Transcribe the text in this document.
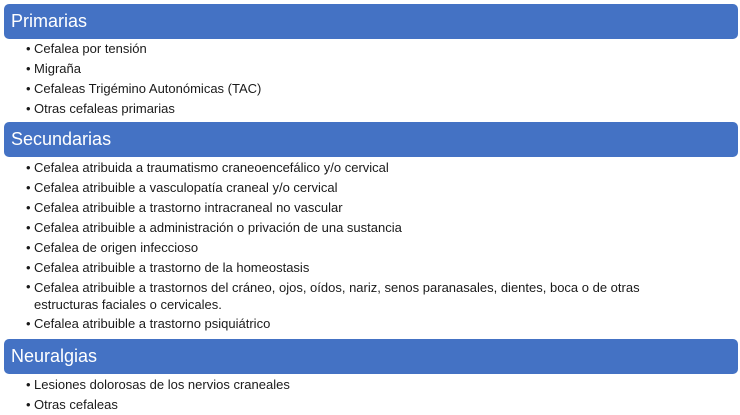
Primarias
• Cefalea por tensión
• Migraña
• Cefaleas Trigémino Autonómicas (TAC)
• Otras cefaleas primarias
Secundarias
• Cefalea atribuida a traumatismo craneoencefálico y/o cervical
• Cefalea atribuible a vasculopatía craneal y/o cervical
• Cefalea atribuible a trastorno intracraneal no vascular
• Cefalea atribuible a administración o privación de una sustancia
• Cefalea de origen infeccioso
• Cefalea atribuible a trastorno de la homeostasis
• Cefalea atribuible a trastornos del cráneo, ojos, oídos, nariz, senos paranasales, dientes, boca o de otras estructuras faciales o cervicales.
• Cefalea atribuible a trastorno psiquiátrico
Neuralgias
• Lesiones dolorosas de los nervios craneales
• Otras cefaleas
